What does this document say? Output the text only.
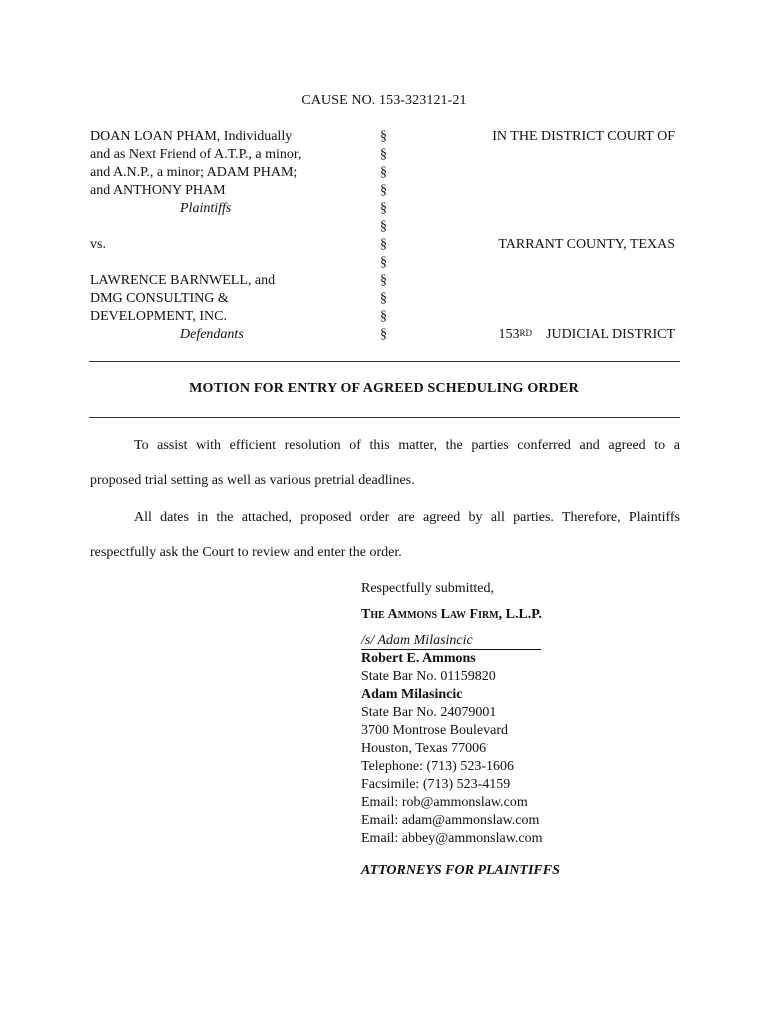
CAUSE NO. 153-323121-21
DOAN LOAN PHAM, Individually
and as Next Friend of A.T.P., a minor,
and A.N.P., a minor; ADAM PHAM;
and ANTHONY PHAM
Plaintiffs
vs.
LAWRENCE BARNWELL, and
DMG CONSULTING &
DEVELOPMENT, INC.
Defendants
§
§
§
§
§
§
§
§
§
§
§
§
IN THE DISTRICT COURT OF
TARRANT COUNTY, TEXAS
153RD JUDICIAL DISTRICT
MOTION FOR ENTRY OF AGREED SCHEDULING ORDER
To assist with efficient resolution of this matter, the parties conferred and agreed to a
proposed trial setting as well as various pretrial deadlines.
All dates in the attached, proposed order are agreed by all parties. Therefore, Plaintiffs
respectfully ask the Court to review and enter the order.
Respectfully submitted,
The Ammons Law Firm, L.L.P.
/s/ Adam Milasincic
Robert E. Ammons
State Bar No. 01159820
Adam Milasincic
State Bar No. 24079001
3700 Montrose Boulevard
Houston, Texas 77006
Telephone: (713) 523-1606
Facsimile: (713) 523-4159
Email: rob@ammonslaw.com
Email: adam@ammonslaw.com
Email: abbey@ammonslaw.com
ATTORNEYS FOR PLAINTIFFS
